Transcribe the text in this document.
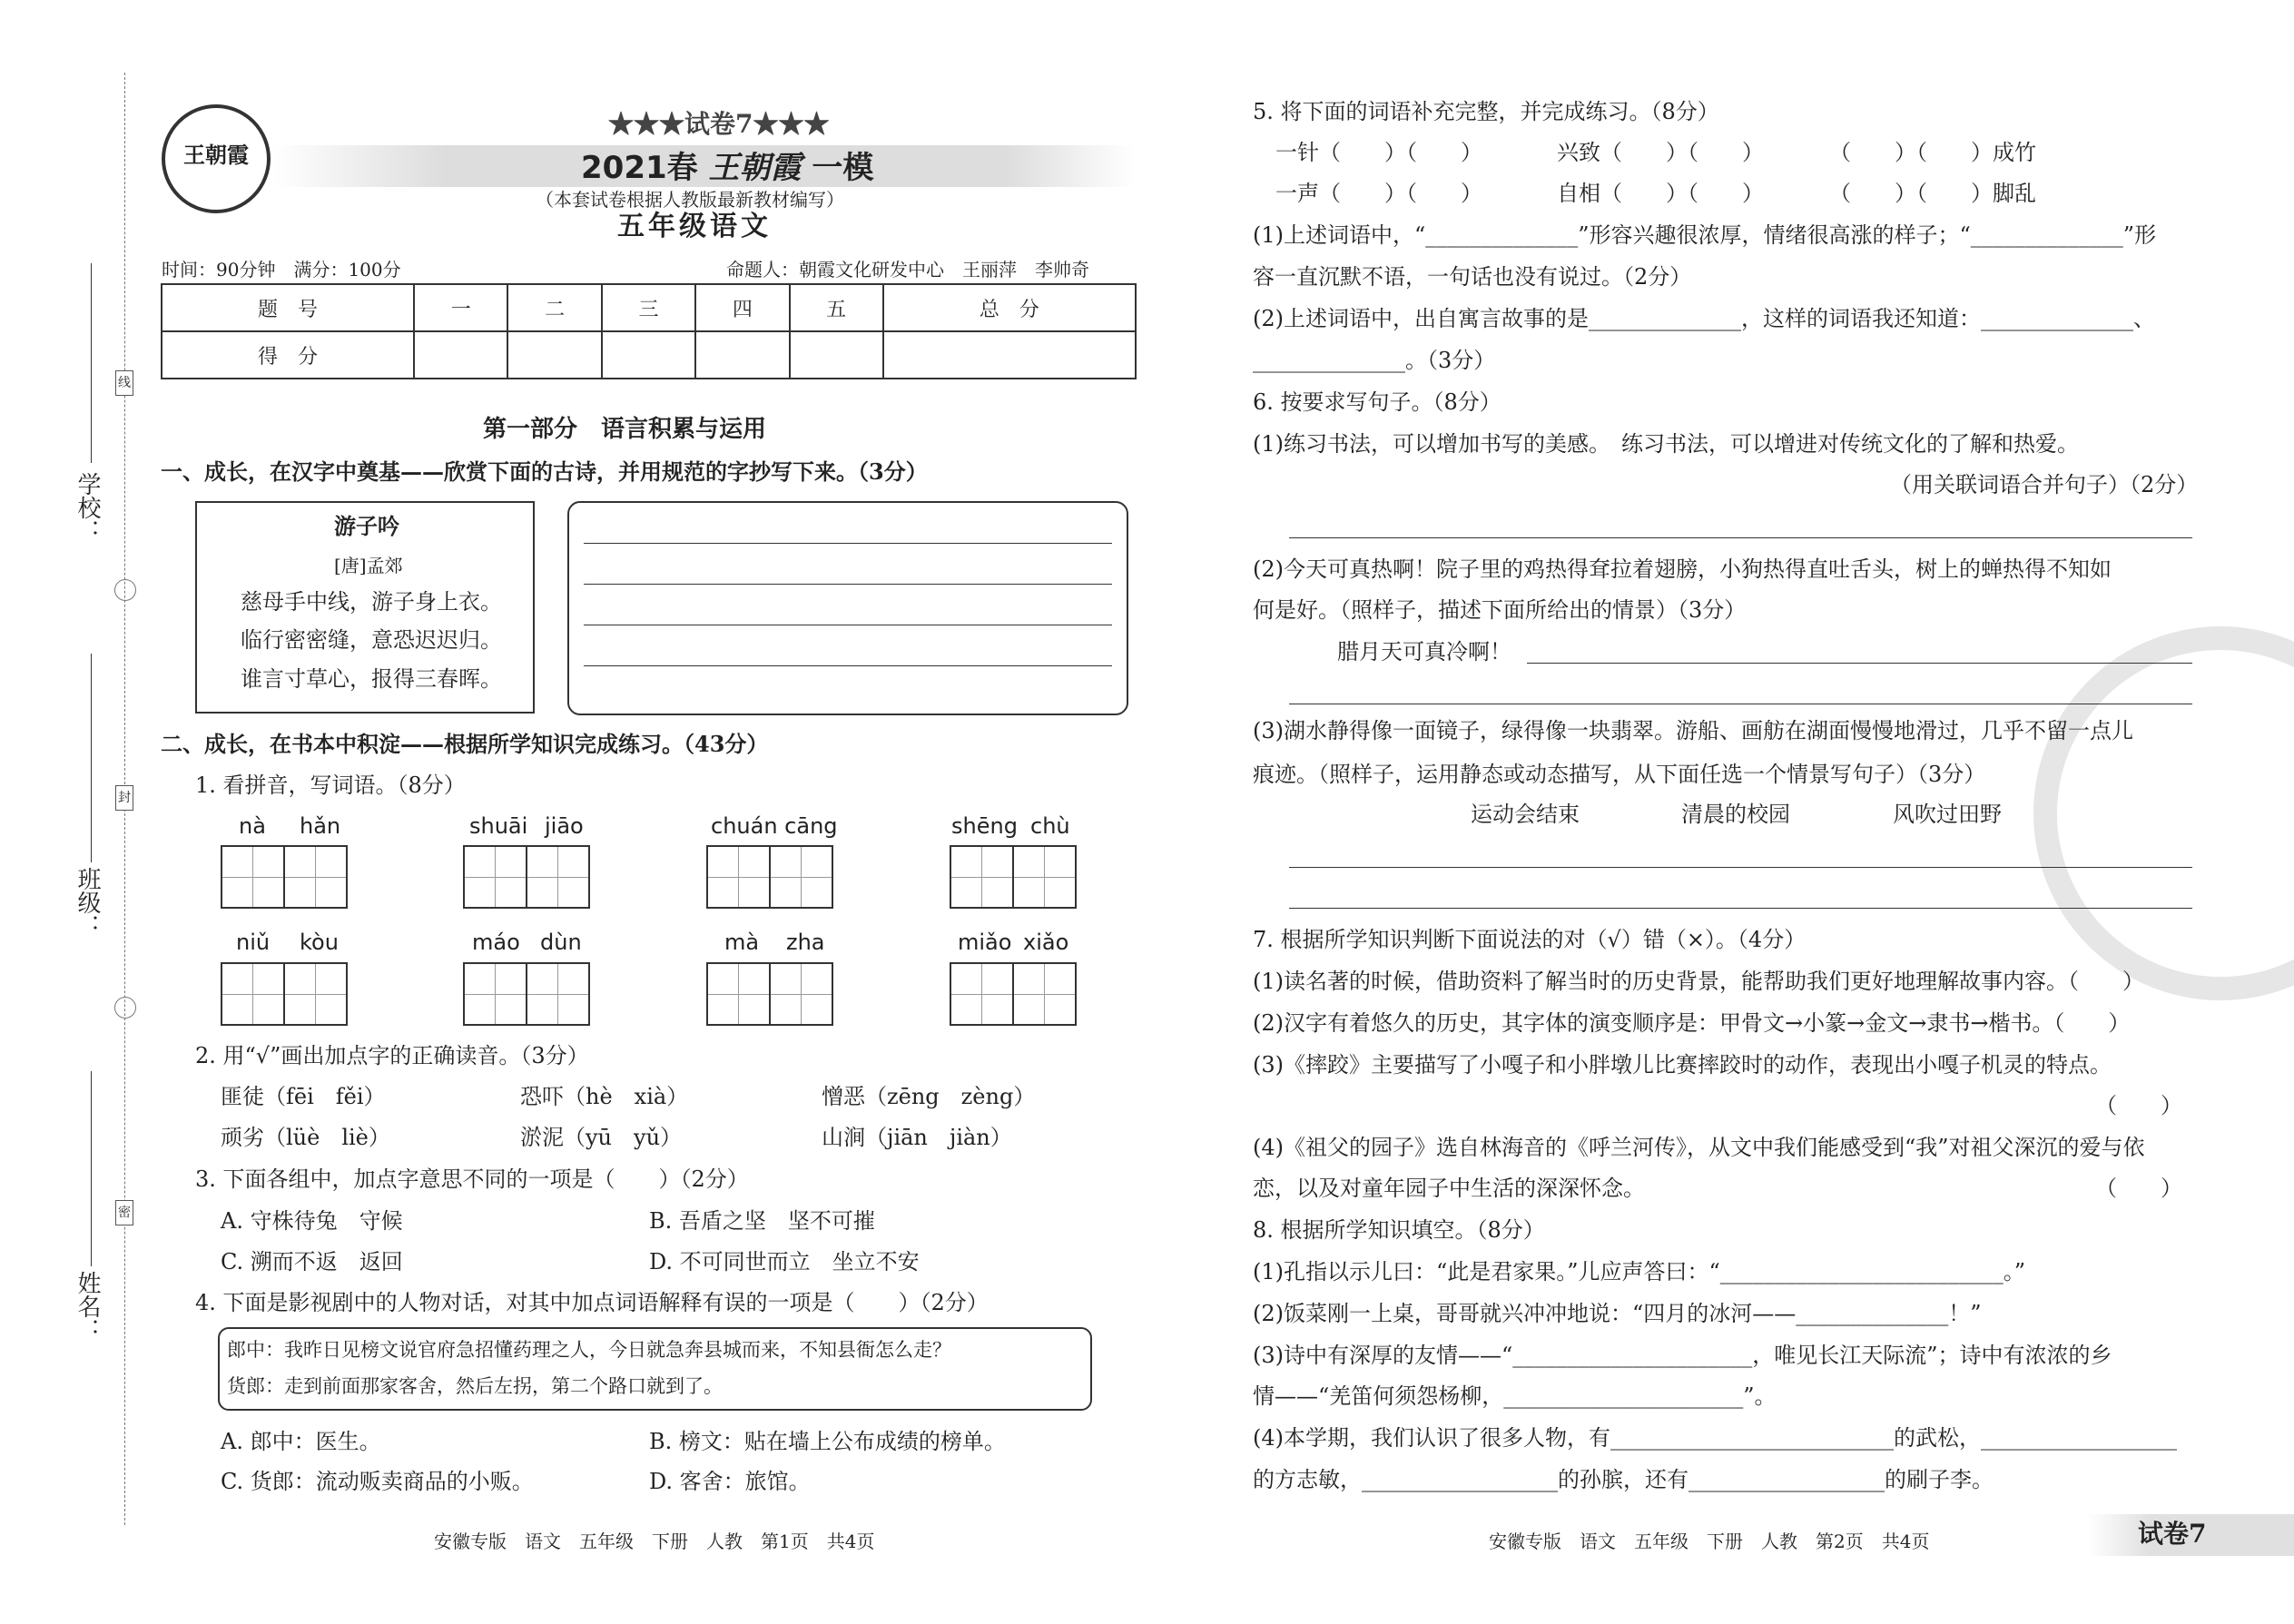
线
封
密
学校：
班级：
姓名：
王朝霞
★★★试卷7★★★
2021春 王朝霞 一模
（本套试卷根据人教版最新教材编写）
五年级语文
时间：90分钟　满分：100分	命题人：朝霞文化研发中心　王丽萍　李帅奇
题　号	一	二	三	四	五	总　分
得　分						
第一部分　语言积累与运用
一、成长，在汉字中奠基——欣赏下面的古诗，并用规范的字抄写下来。（3分）
游子吟
[唐]孟郊
慈母手中线，游子身上衣。
临行密密缝，意恐迟迟归。
谁言寸草心，报得三春晖。
二、成长，在书本中积淀——根据所学知识完成练习。（43分）
1. 看拼音，写词语。（8分）
nà hǎn	shuāi jiāo	chuán cāng	shēng chù
niǔ kòu	máo dùn	mà zha	miǎo xiǎo
2. 用“√”画出加点字的正确读音。（3分）
匪徒（fēi　fěi）	恐吓（hè　xià）	憎恶（zēng　zèng）
顽劣（lüè　liè）	淤泥（yū　yǔ）	山涧（jiān　jiàn）
3. 下面各组中，加点字意思不同的一项是（　　）（2分）
A. 守株待兔　守候	B. 吾盾之坚　坚不可摧
C. 溯而不返　返回	D. 不可同世而立　坐立不安
4. 下面是影视剧中的人物对话，对其中加点词语解释有误的一项是（　　）（2分）
郎中：我昨日见榜文说官府急招懂药理之人，今日就急奔县城而来，不知县衙怎么走？
货郎：走到前面那家客舍，然后左拐，第二个路口就到了。
A. 郎中：医生。	B. 榜文：贴在墙上公布成绩的榜单。
C. 货郎：流动贩卖商品的小贩。	D. 客舍：旅馆。
安徽专版　语文　五年级　下册　人教　第1页　共4页
5. 将下面的词语补充完整，并完成练习。（8分）
一针（　　）（　　）	兴致（　　）（　　）	（　　）（　　）成竹
一声（　　）（　　）	自相（　　）（　　）	（　　）（　　）脚乱
(1)上述词语中，“______________”形容兴趣很浓厚，情绪很高涨的样子；“______________”形
容一直沉默不语，一句话也没有说过。（2分）
(2)上述词语中，出自寓言故事的是______________，这样的词语我还知道：______________、
______________。（3分）
6. 按要求写句子。（8分）
(1)练习书法，可以增加书写的美感。　练习书法，可以增进对传统文化的了解和热爱。
（用关联词语合并句子）（2分）
(2)今天可真热啊！院子里的鸡热得耷拉着翅膀，小狗热得直吐舌头，树上的蝉热得不知如
何是好。（照样子，描述下面所给出的情景）（3分）
腊月天可真冷啊！
(3)湖水静得像一面镜子，绿得像一块翡翠。游船、画舫在湖面慢慢地滑过，几乎不留一点儿
痕迹。（照样子，运用静态或动态描写，从下面任选一个情景写句子）（3分）
运动会结束	清晨的校园	风吹过田野
7. 根据所学知识判断下面说法的对（√）错（×）。（4分）
(1)读名著的时候，借助资料了解当时的历史背景，能帮助我们更好地理解故事内容。（　　）
(2)汉字有着悠久的历史，其字体的演变顺序是：甲骨文→小篆→金文→隶书→楷书。（　　）
(3)《摔跤》主要描写了小嘎子和小胖墩儿比赛摔跤时的动作，表现出小嘎子机灵的特点。
（　　）
(4)《祖父的园子》选自林海音的《呼兰河传》，从文中我们能感受到“我”对祖父深沉的爱与依
恋，以及对童年园子中生活的深深怀念。	（　　）
8. 根据所学知识填空。（8分）
(1)孔指以示儿曰：“此是君家果。”儿应声答曰：“__________________________。”
(2)饭菜刚一上桌，哥哥就兴冲冲地说：“四月的冰河——______________！”
(3)诗中有深厚的友情——“______________________，唯见长江天际流”；诗中有浓浓的乡
情——“羌笛何须怨杨柳，______________________”。
(4)本学期，我们认识了很多人物，有__________________________的武松，__________________
的方志敏，__________________的孙膑，还有__________________的刷子李。
安徽专版　语文　五年级　下册　人教　第2页　共4页	试卷7
